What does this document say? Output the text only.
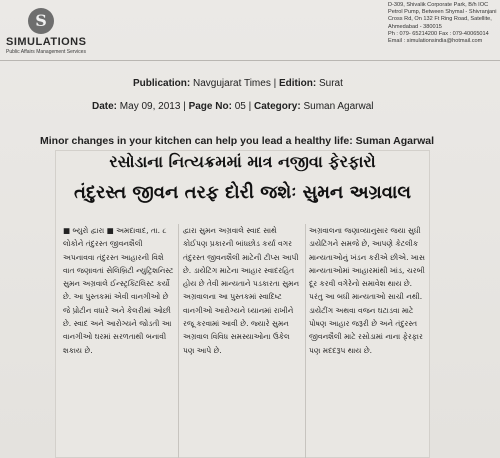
S
SIMULATIONS
Public Affairs Management Services
D-309, Shivalik Corporate Park, B/h IOC
Petrol Pump, Between Shymal - Shivranjani
Cross Rd, On 132 Ft Ring Road, Satellite,
Ahmedabad - 380015
Ph : 079- 65214200 Fax : 079-40065014
Email : simulationsindia@hotmail.com
Publication: Navgujarat Times | Edition: Surat
Date: May 09, 2013 | Page No: 05 | Category: Suman Agarwal
Minor changes in your kitchen can help you lead a healthy life: Suman Agarwal
રસોડાના નિત્યક્રમમાં માત્ર નજીવા ફેરફારો
તંદુરસ્ત જીવન તરફ દોરી જશેઃ સુમન અગ્રવાલ
■ બ્યુરો દ્વારા ■ અમદાવાદ, તા. ૮ લોકોને તંદુરસ્ત જીવનશૈલી અપનાવવા તંદુરસ્ત આહારની વિશે વાત જણાવતાં સેલિબ્રિટી ન્યુટ્રિશનિસ્ટ સુમન અગ્રવાલે ઈન્સ્ટ્રક્ટિલિસ્ટ કર્યો છે. આ પુસ્તકમાં એવી વાનગીઓ છે જે પ્રોટીન વધારે અને કેલરીમાં ઓછી છે. સ્વાદ અને આરોગ્યને જોડતી આ વાનગીઓ ઘરમાં સરળતાથી બનાવી શકાય છે.
દ્વારા સુમન અગ્રવાલે સ્વાદ સાથે કોઈપણ પ્રકારની બાંધછોડ કર્યા વગર તંદુરસ્ત જીવનશૈલી માટેની ટીપ્સ આપી છે. ડાયેટિંગ માટેના આહાર સ્વાદરહિત હોય છે તેવી માન્યતાને પડકારતા સુમન અગ્રવાલના આ પુસ્તકમાં સ્વાદિષ્ટ વાનગીઓ આરોગ્યને ધ્યાનમાં રાખીને રજૂ કરવામાં આવી છે. જ્યારે સુમન અગ્રવાલ વિવિધ સમસ્યાઓના ઉકેલ પણ આપે છે.
અગ્રવાલના જણાવ્યાનુસાર જયા સુધી ડાયેટિંગને સમજે છે, આપણે કેટલીક માન્યતાઓનું ખંડન કરીએ છીએ. ખાસ માન્યતાઓમાં આહારમાંથી ખાંડ, ચરબી દૂર કરવી વગેરેનો સમાવેશ થાય છે. પરંતુ આ બધી માન્યતાઓ સાચી નથી. ડાયેટીંગ અથવા વજન ઘટાડવા માટે પોષણ આહાર જરૂરી છે અને તંદુરસ્ત જીવનશૈલી માટે રસોડામાં નાના ફેરફાર પણ મદદરૂપ થાય છે.
